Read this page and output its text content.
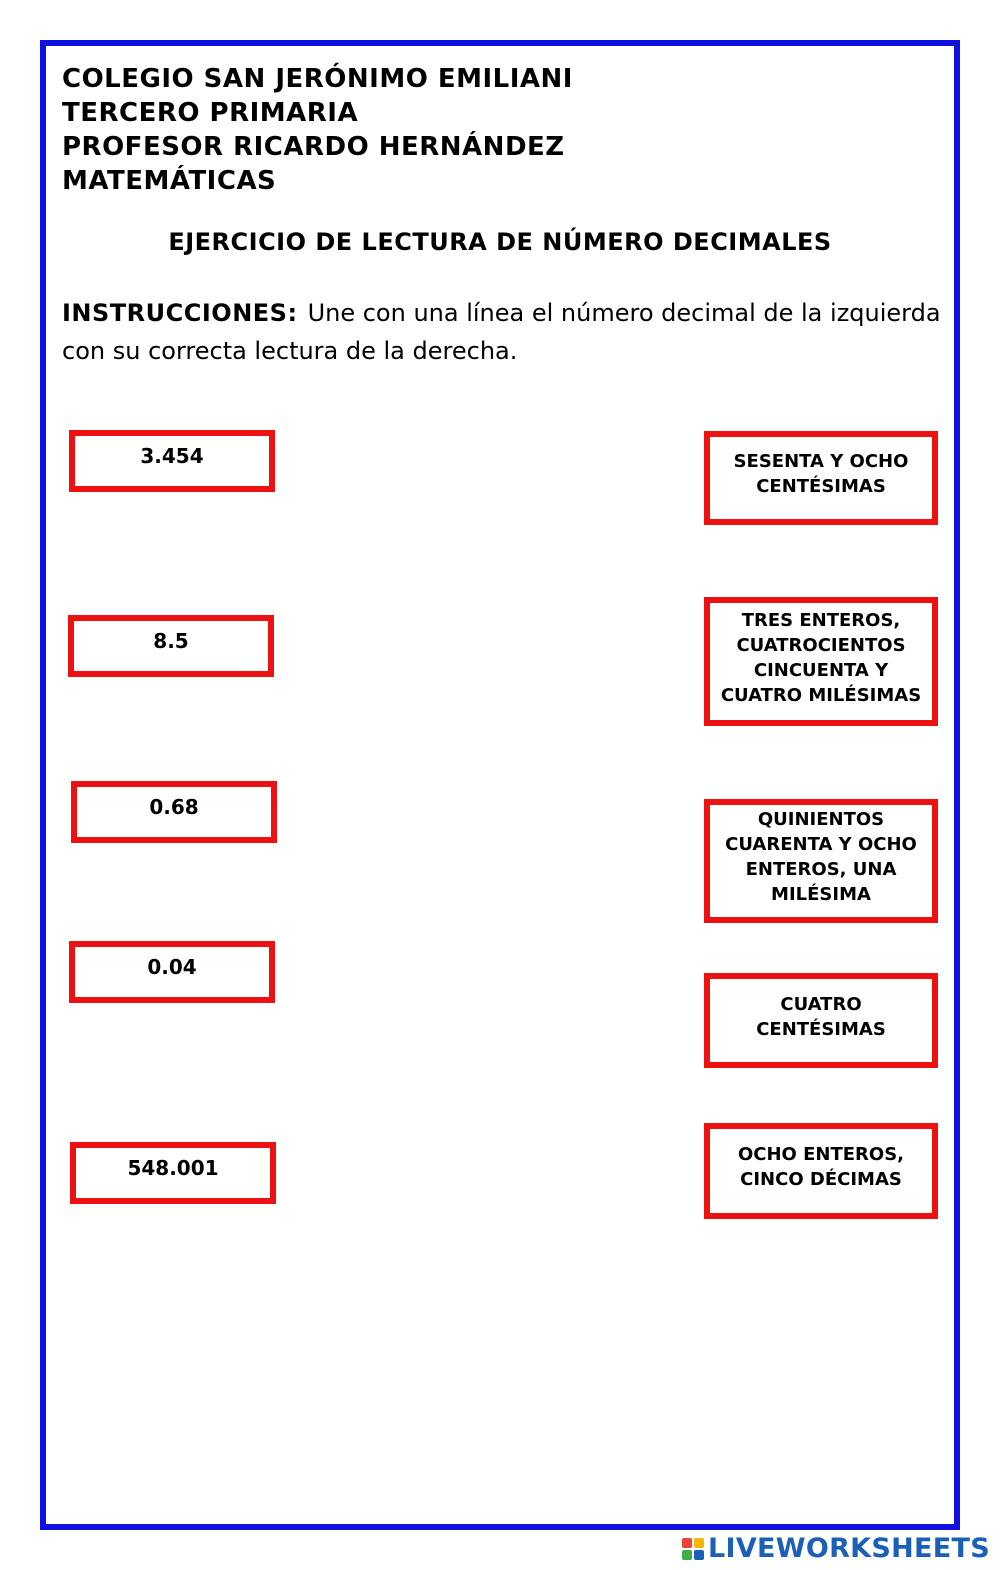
COLEGIO SAN JERÓNIMO EMILIANI
TERCERO PRIMARIA
PROFESOR RICARDO HERNÁNDEZ
MATEMÁTICAS
EJERCICIO DE LECTURA DE NÚMERO DECIMALES
INSTRUCCIONES: Une con una línea el número decimal de la izquierda con su correcta lectura de la derecha.
3.454
8.5
0.68
0.04
548.001
SESENTA Y OCHO CENTÉSIMAS
TRES ENTEROS, CUATROCIENTOS CINCUENTA Y CUATRO MILÉSIMAS
QUINIENTOS CUARENTA Y OCHO ENTEROS, UNA MILÉSIMA
CUATRO CENTÉSIMAS
OCHO ENTEROS, CINCO DÉCIMAS
LIVEWORKSHEETS
